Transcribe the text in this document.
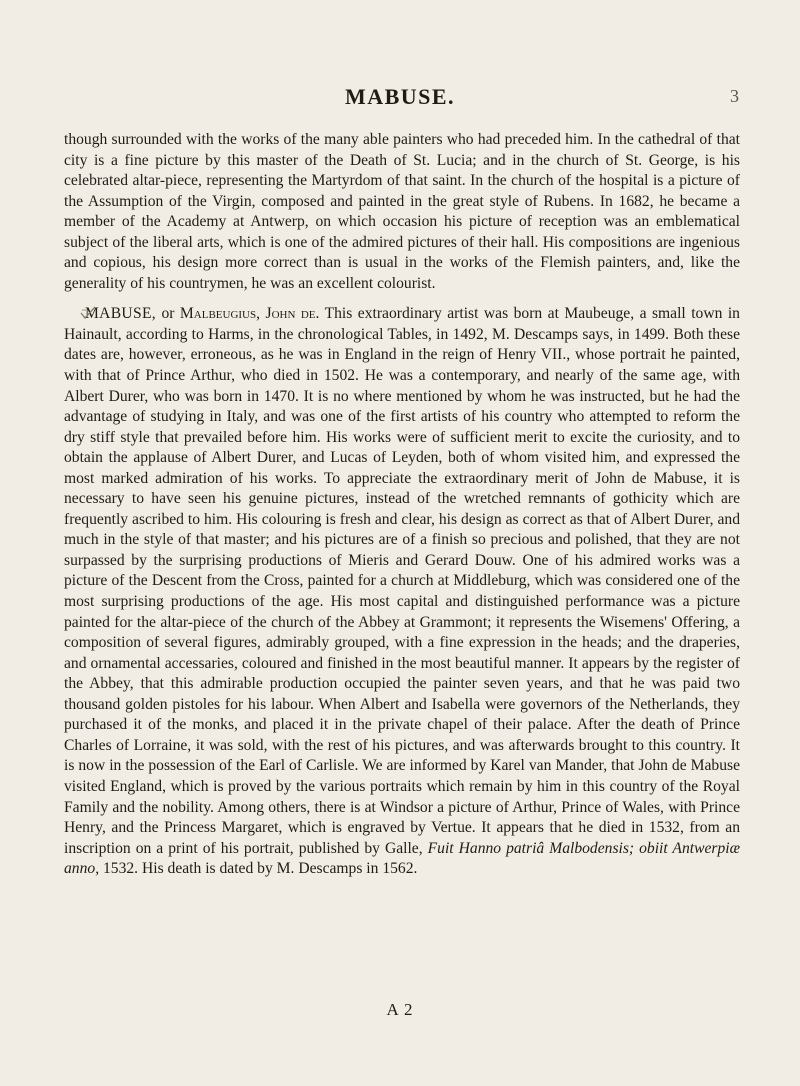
MABUSE.	3

though surrounded with the works of the many able painters who had preceded him. In the cathedral of that city is a fine picture by this master of the Death of St. Lucia; and in the church of St. George, is his celebrated altar-piece, representing the Martyrdom of that saint. In the church of the hospital is a picture of the Assumption of the Virgin, composed and painted in the great style of Rubens. In 1682, he became a member of the Academy at Antwerp, on which occasion his picture of reception was an emblematical subject of the liberal arts, which is one of the admired pictures of their hall. His compositions are ingenious and copious, his design more correct than is usual in the works of the Flemish painters, and, like the generality of his countrymen, he was an excellent colourist.

MABUSE, or Malbeugius, John de. This extraordinary artist was born at Maubeuge, a small town in Hainault, according to Harms, in the chronological Tables, in 1492, M. Descamps says, in 1499. Both these dates are, however, erroneous, as he was in England in the reign of Henry VII., whose portrait he painted, with that of Prince Arthur, who died in 1502. He was a contemporary, and nearly of the same age, with Albert Durer, who was born in 1470. It is no where mentioned by whom he was instructed, but he had the advantage of studying in Italy, and was one of the first artists of his country who attempted to reform the dry stiff style that prevailed before him. His works were of sufficient merit to excite the curiosity, and to obtain the applause of Albert Durer, and Lucas of Leyden, both of whom visited him, and expressed the most marked admiration of his works. To appreciate the extraordinary merit of John de Mabuse, it is necessary to have seen his genuine pictures, instead of the wretched remnants of gothicity which are frequently ascribed to him. His colouring is fresh and clear, his design as correct as that of Albert Durer, and much in the style of that master; and his pictures are of a finish so precious and polished, that they are not surpassed by the surprising productions of Mieris and Gerard Douw. One of his admired works was a picture of the Descent from the Cross, painted for a church at Middleburg, which was considered one of the most surprising productions of the age. His most capital and distinguished performance was a picture painted for the altar-piece of the church of the Abbey at Grammont; it represents the Wisemens' Offering, a composition of several figures, admirably grouped, with a fine expression in the heads; and the draperies, and ornamental accessaries, coloured and finished in the most beautiful manner. It appears by the register of the Abbey, that this admirable production occupied the painter seven years, and that he was paid two thousand golden pistoles for his labour. When Albert and Isabella were governors of the Netherlands, they purchased it of the monks, and placed it in the private chapel of their palace. After the death of Prince Charles of Lorraine, it was sold, with the rest of his pictures, and was afterwards brought to this country. It is now in the possession of the Earl of Carlisle. We are informed by Karel van Mander, that John de Mabuse visited England, which is proved by the various portraits which remain by him in this country of the Royal Family and the nobility. Among others, there is at Windsor a picture of Arthur, Prince of Wales, with Prince Henry, and the Princess Margaret, which is engraved by Vertue. It appears that he died in 1532, from an inscription on a print of his portrait, published by Galle, Fuit Hanno patriâ Malbodensis; obiit Antwerpiæ anno, 1532. His death is dated by M. Descamps in 1562.

A 2
